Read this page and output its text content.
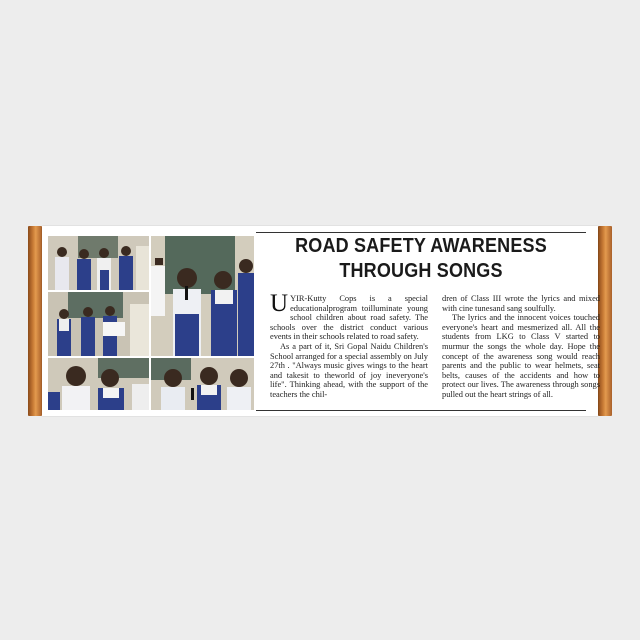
ROAD SAFETY AWARENESS
THROUGH SONGS

UYIR-Kutty Cops is a special educationalprogram toilluminate young school children about road safety. The schools over the district conduct various events in their schools related to road safety.

As a part of it, Sri Gopal Naidu Children's School arranged for a special assembly on July 27th . "Always music gives wings to the heart and takesit to theworld of joy ineveryone's life". Thinking ahead, with the support of the teachers the chil-

dren of Class III wrote the lyrics and mixed with cine tunesand sang soulfully.

The lyrics and the innocent voices touched everyone's heart and mesmerized all. All the students from LKG to Class V started to murmur the songs the whole day. Hope the concept of the awareness song would reach parents and the public to wear helmets, seat belts, causes of the accidents and how to protect our lives. The awareness through songs pulled out the heart strings of all.
